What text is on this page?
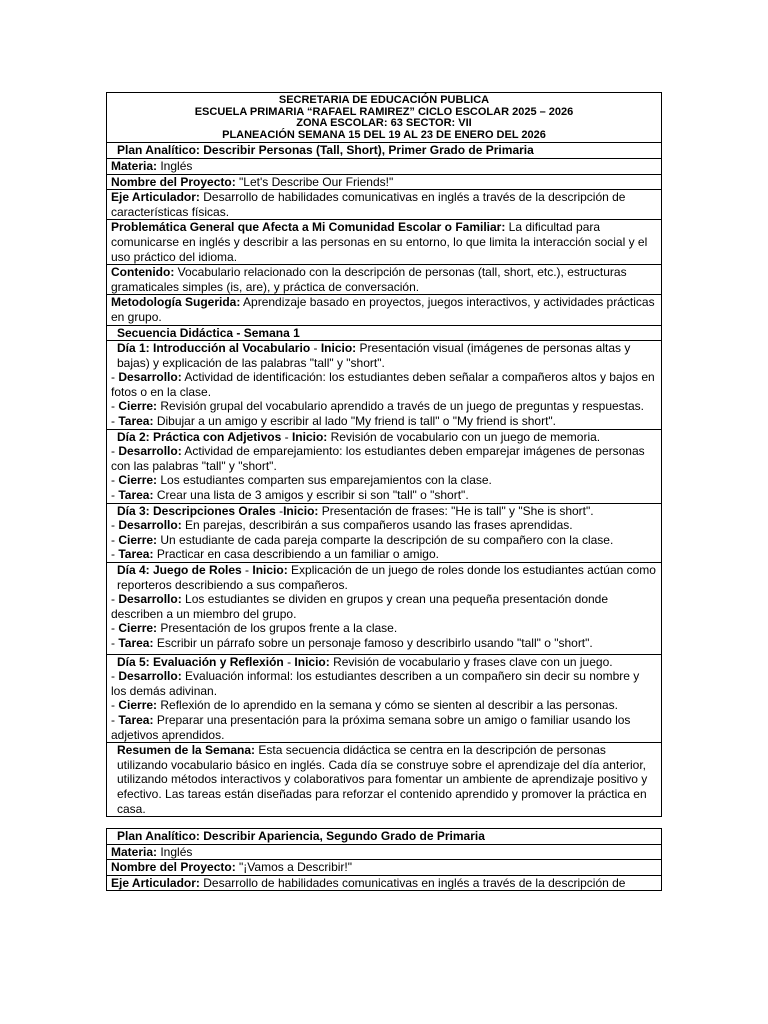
SECRETARIA DE EDUCACIÓN PUBLICA
ESCUELA PRIMARIA “RAFAEL RAMIREZ” CICLO ESCOLAR 2025 – 2026
ZONA ESCOLAR: 63 SECTOR: VII
PLANEACIÓN SEMANA 15 DEL 19 AL 23 DE ENERO DEL 2026

Plan Analítico: Describir Personas (Tall, Short), Primer Grado de Primaria
Materia: Inglés
Nombre del Proyecto: "Let's Describe Our Friends!"
Eje Articulador: Desarrollo de habilidades comunicativas en inglés a través de la descripción de características físicas.
Problemática General que Afecta a Mi Comunidad Escolar o Familiar: La dificultad para comunicarse en inglés y describir a las personas en su entorno, lo que limita la interacción social y el uso práctico del idioma.
Contenido: Vocabulario relacionado con la descripción de personas (tall, short, etc.), estructuras gramaticales simples (is, are), y práctica de conversación.
Metodología Sugerida: Aprendizaje basado en proyectos, juegos interactivos, y actividades prácticas en grupo.
Secuencia Didáctica - Semana 1

Día 1: Introducción al Vocabulario - Inicio: Presentación visual (imágenes de personas altas y bajas) y explicación de las palabras "tall" y "short".
- Desarrollo: Actividad de identificación: los estudiantes deben señalar a compañeros altos y bajos en fotos o en la clase.
- Cierre: Revisión grupal del vocabulario aprendido a través de un juego de preguntas y respuestas.
- Tarea: Dibujar a un amigo y escribir al lado "My friend is tall" o "My friend is short".

Día 2: Práctica con Adjetivos - Inicio: Revisión de vocabulario con un juego de memoria.
- Desarrollo: Actividad de emparejamiento: los estudiantes deben emparejar imágenes de personas con las palabras "tall" y "short".
- Cierre: Los estudiantes comparten sus emparejamientos con la clase.
- Tarea: Crear una lista de 3 amigos y escribir si son "tall" o "short".

Día 3: Descripciones Orales -Inicio: Presentación de frases: "He is tall" y "She is short".
- Desarrollo: En parejas, describirán a sus compañeros usando las frases aprendidas.
- Cierre: Un estudiante de cada pareja comparte la descripción de su compañero con la clase.
- Tarea: Practicar en casa describiendo a un familiar o amigo.

Día 4: Juego de Roles - Inicio: Explicación de un juego de roles donde los estudiantes actúan como reporteros describiendo a sus compañeros.
- Desarrollo: Los estudiantes se dividen en grupos y crean una pequeña presentación donde describen a un miembro del grupo.
- Cierre: Presentación de los grupos frente a la clase.
- Tarea: Escribir un párrafo sobre un personaje famoso y describirlo usando "tall" o "short".

Día 5: Evaluación y Reflexión - Inicio: Revisión de vocabulario y frases clave con un juego.
- Desarrollo: Evaluación informal: los estudiantes describen a un compañero sin decir su nombre y los demás adivinan.
- Cierre: Reflexión de lo aprendido en la semana y cómo se sienten al describir a las personas.
- Tarea: Preparar una presentación para la próxima semana sobre un amigo o familiar usando los adjetivos aprendidos.

Resumen de la Semana: Esta secuencia didáctica se centra en la descripción de personas utilizando vocabulario básico en inglés. Cada día se construye sobre el aprendizaje del día anterior, utilizando métodos interactivos y colaborativos para fomentar un ambiente de aprendizaje positivo y efectivo. Las tareas están diseñadas para reforzar el contenido aprendido y promover la práctica en casa.
Plan Analítico: Describir Apariencia, Segundo Grado de Primaria
Materia: Inglés
Nombre del Proyecto: "¡Vamos a Describir!"
Eje Articulador: Desarrollo de habilidades comunicativas en inglés a través de la descripción de
